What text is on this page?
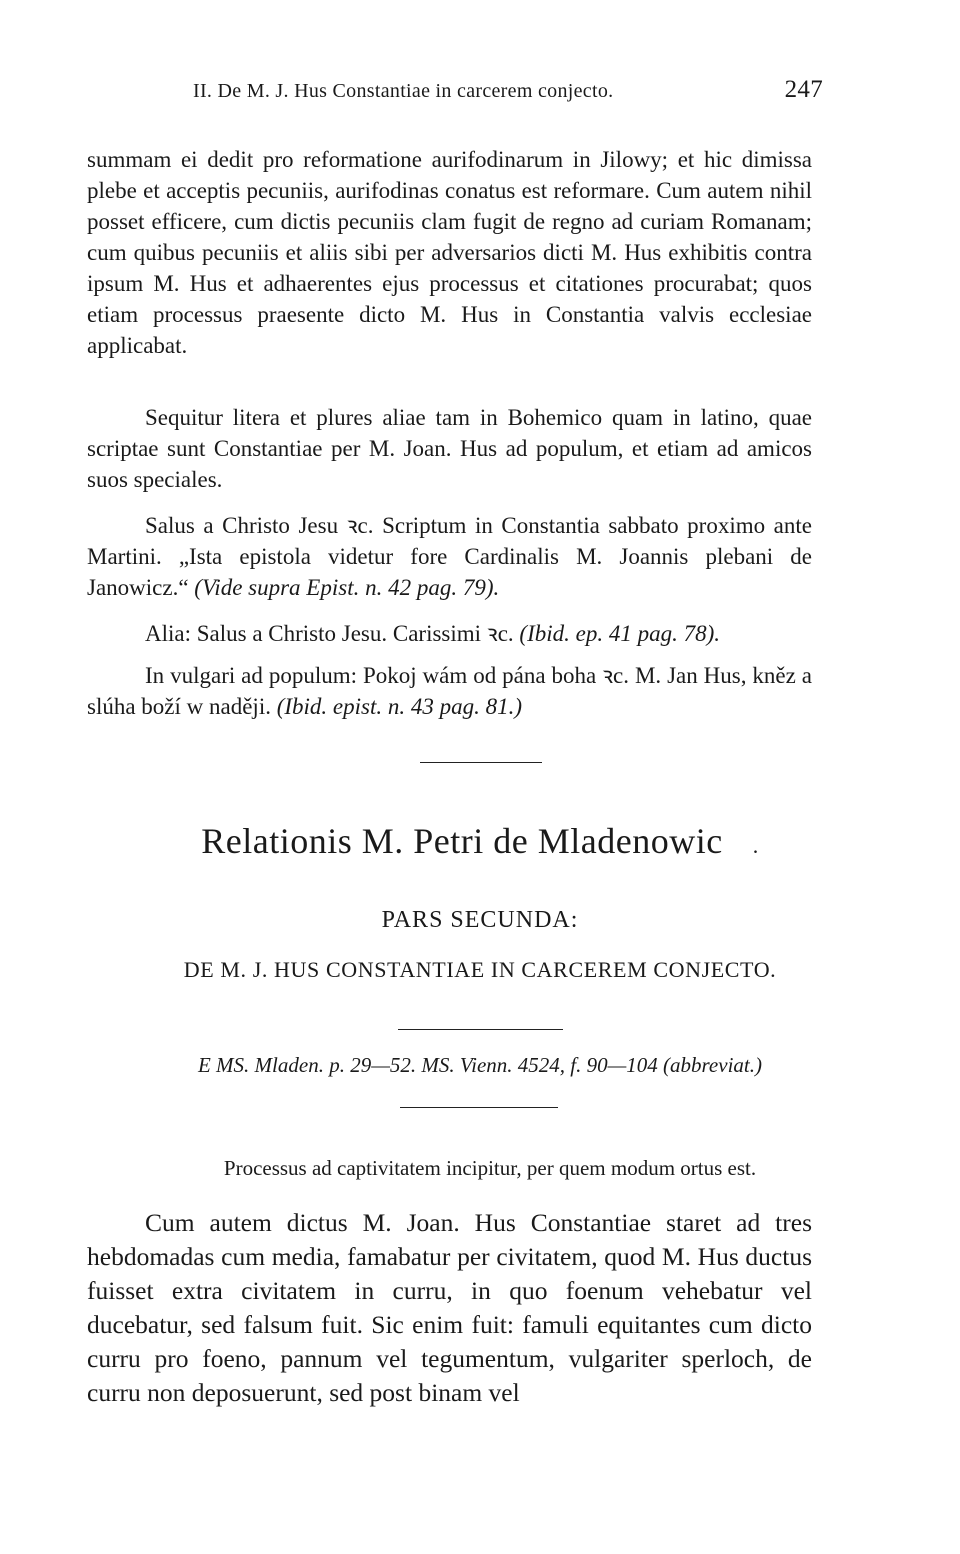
II. De M. J. Hus Constantiae in carcerem conjecto.	247

summam ei dedit pro reformatione aurifodinarum in Jilowy; et hic dimissa plebe et acceptis pecuniis, aurifodinas conatus est reformare. Cum autem nihil posset efficere, cum dictis pecuniis clam fugit de regno ad curiam Romanam; cum quibus pecuniis et aliis sibi per adversarios dicti M. Hus exhibitis contra ipsum M. Hus et adhaerentes ejus processus et citationes procurabat; quos etiam processus praesente dicto M. Hus in Constantia valvis ecclesiae applicabat.

Sequitur litera et plures aliae tam in Bohemico quam in latino, quae scriptae sunt Constantiae per M. Joan. Hus ad populum, et etiam ad amicos suos speciales.

Salus a Christo Jesu ꝛc. Scriptum in Constantia sabbato proximo ante Martini. „Ista epistola videtur fore Cardinalis M. Joannis plebani de Janowicz.“ (Vide supra Epist. n. 42 pag. 79).

Alia: Salus a Christo Jesu. Carissimi ꝛc. (Ibid. ep. 41 pag. 78).

In vulgari ad populum: Pokoj wám od pána boha ꝛc. M. Jan Hus, kněz a slúha boží w naději. (Ibid. epist. n. 43 pag. 81.)

Relationis M. Petri de Mladenowic .
PARS SECUNDA:
DE M. J. HUS CONSTANTIAE IN CARCEREM CONJECTO.
E MS. Mladen. p. 29—52. MS. Vienn. 4524, f. 90—104 (abbreviat.)
Processus ad captivitatem incipitur, per quem modum ortus est.

Cum autem dictus M. Joan. Hus Constantiae staret ad tres hebdomadas cum media, famabatur per civitatem, quod M. Hus ductus fuisset extra civitatem in curru, in quo foenum vehebatur vel ducebatur, sed falsum fuit. Sic enim fuit: famuli equitantes cum dicto curru pro foeno, pannum vel tegumentum, vulgariter sperloch, de curru non deposuerunt, sed post binam vel
